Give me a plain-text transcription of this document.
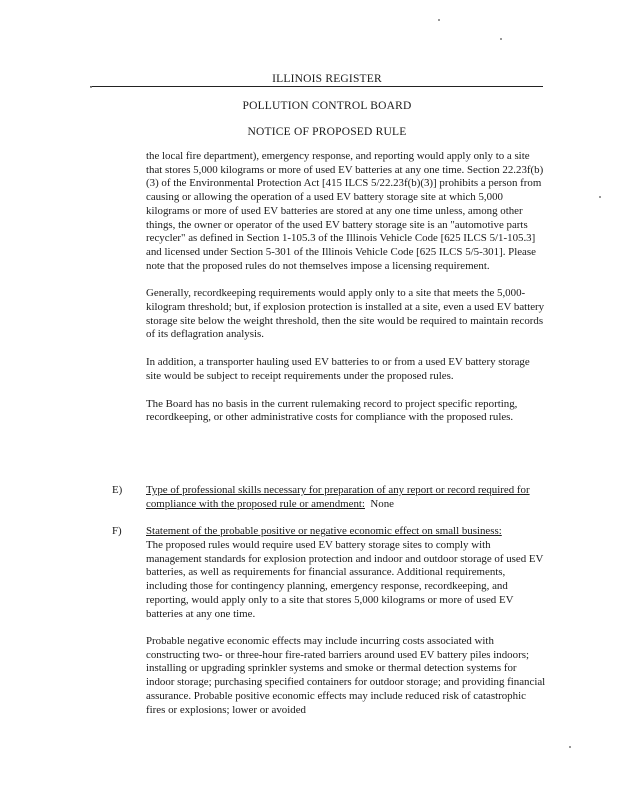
ILLINOIS REGISTER
POLLUTION CONTROL BOARD
NOTICE OF PROPOSED RULE

the local fire department), emergency response, and reporting would apply only to a site that stores 5,000 kilograms or more of used EV batteries at any one time. Section 22.23f(b)(3) of the Environmental Protection Act [415 ILCS 5/22.23f(b)(3)] prohibits a person from causing or allowing the operation of a used EV battery storage site at which 5,000 kilograms or more of used EV batteries are stored at any one time unless, among other things, the owner or operator of the used EV battery storage site is an "automotive parts recycler" as defined in Section 1-105.3 of the Illinois Vehicle Code [625 ILCS 5/1-105.3] and licensed under Section 5-301 of the Illinois Vehicle Code [625 ILCS 5/5-301]. Please note that the proposed rules do not themselves impose a licensing requirement.

Generally, recordkeeping requirements would apply only to a site that meets the 5,000-kilogram threshold; but, if explosion protection is installed at a site, even a used EV battery storage site below the weight threshold, then the site would be required to maintain records of its deflagration analysis.

In addition, a transporter hauling used EV batteries to or from a used EV battery storage site would be subject to receipt requirements under the proposed rules.

The Board has no basis in the current rulemaking record to project specific reporting, recordkeeping, or other administrative costs for compliance with the proposed rules.

E) Type of professional skills necessary for preparation of any report or record required for compliance with the proposed rule or amendment: None
F) Statement of the probable positive or negative economic effect on small business:
The proposed rules would require used EV battery storage sites to comply with management standards for explosion protection and indoor and outdoor storage of used EV batteries, as well as requirements for financial assurance. Additional requirements, including those for contingency planning, emergency response, recordkeeping, and reporting, would apply only to a site that stores 5,000 kilograms or more of used EV batteries at any one time.
Probable negative economic effects may include incurring costs associated with constructing two- or three-hour fire-rated barriers around used EV battery piles indoors; installing or upgrading sprinkler systems and smoke or thermal detection systems for indoor storage; purchasing specified containers for outdoor storage; and providing financial assurance. Probable positive economic effects may include reduced risk of catastrophic fires or explosions; lower or avoided
